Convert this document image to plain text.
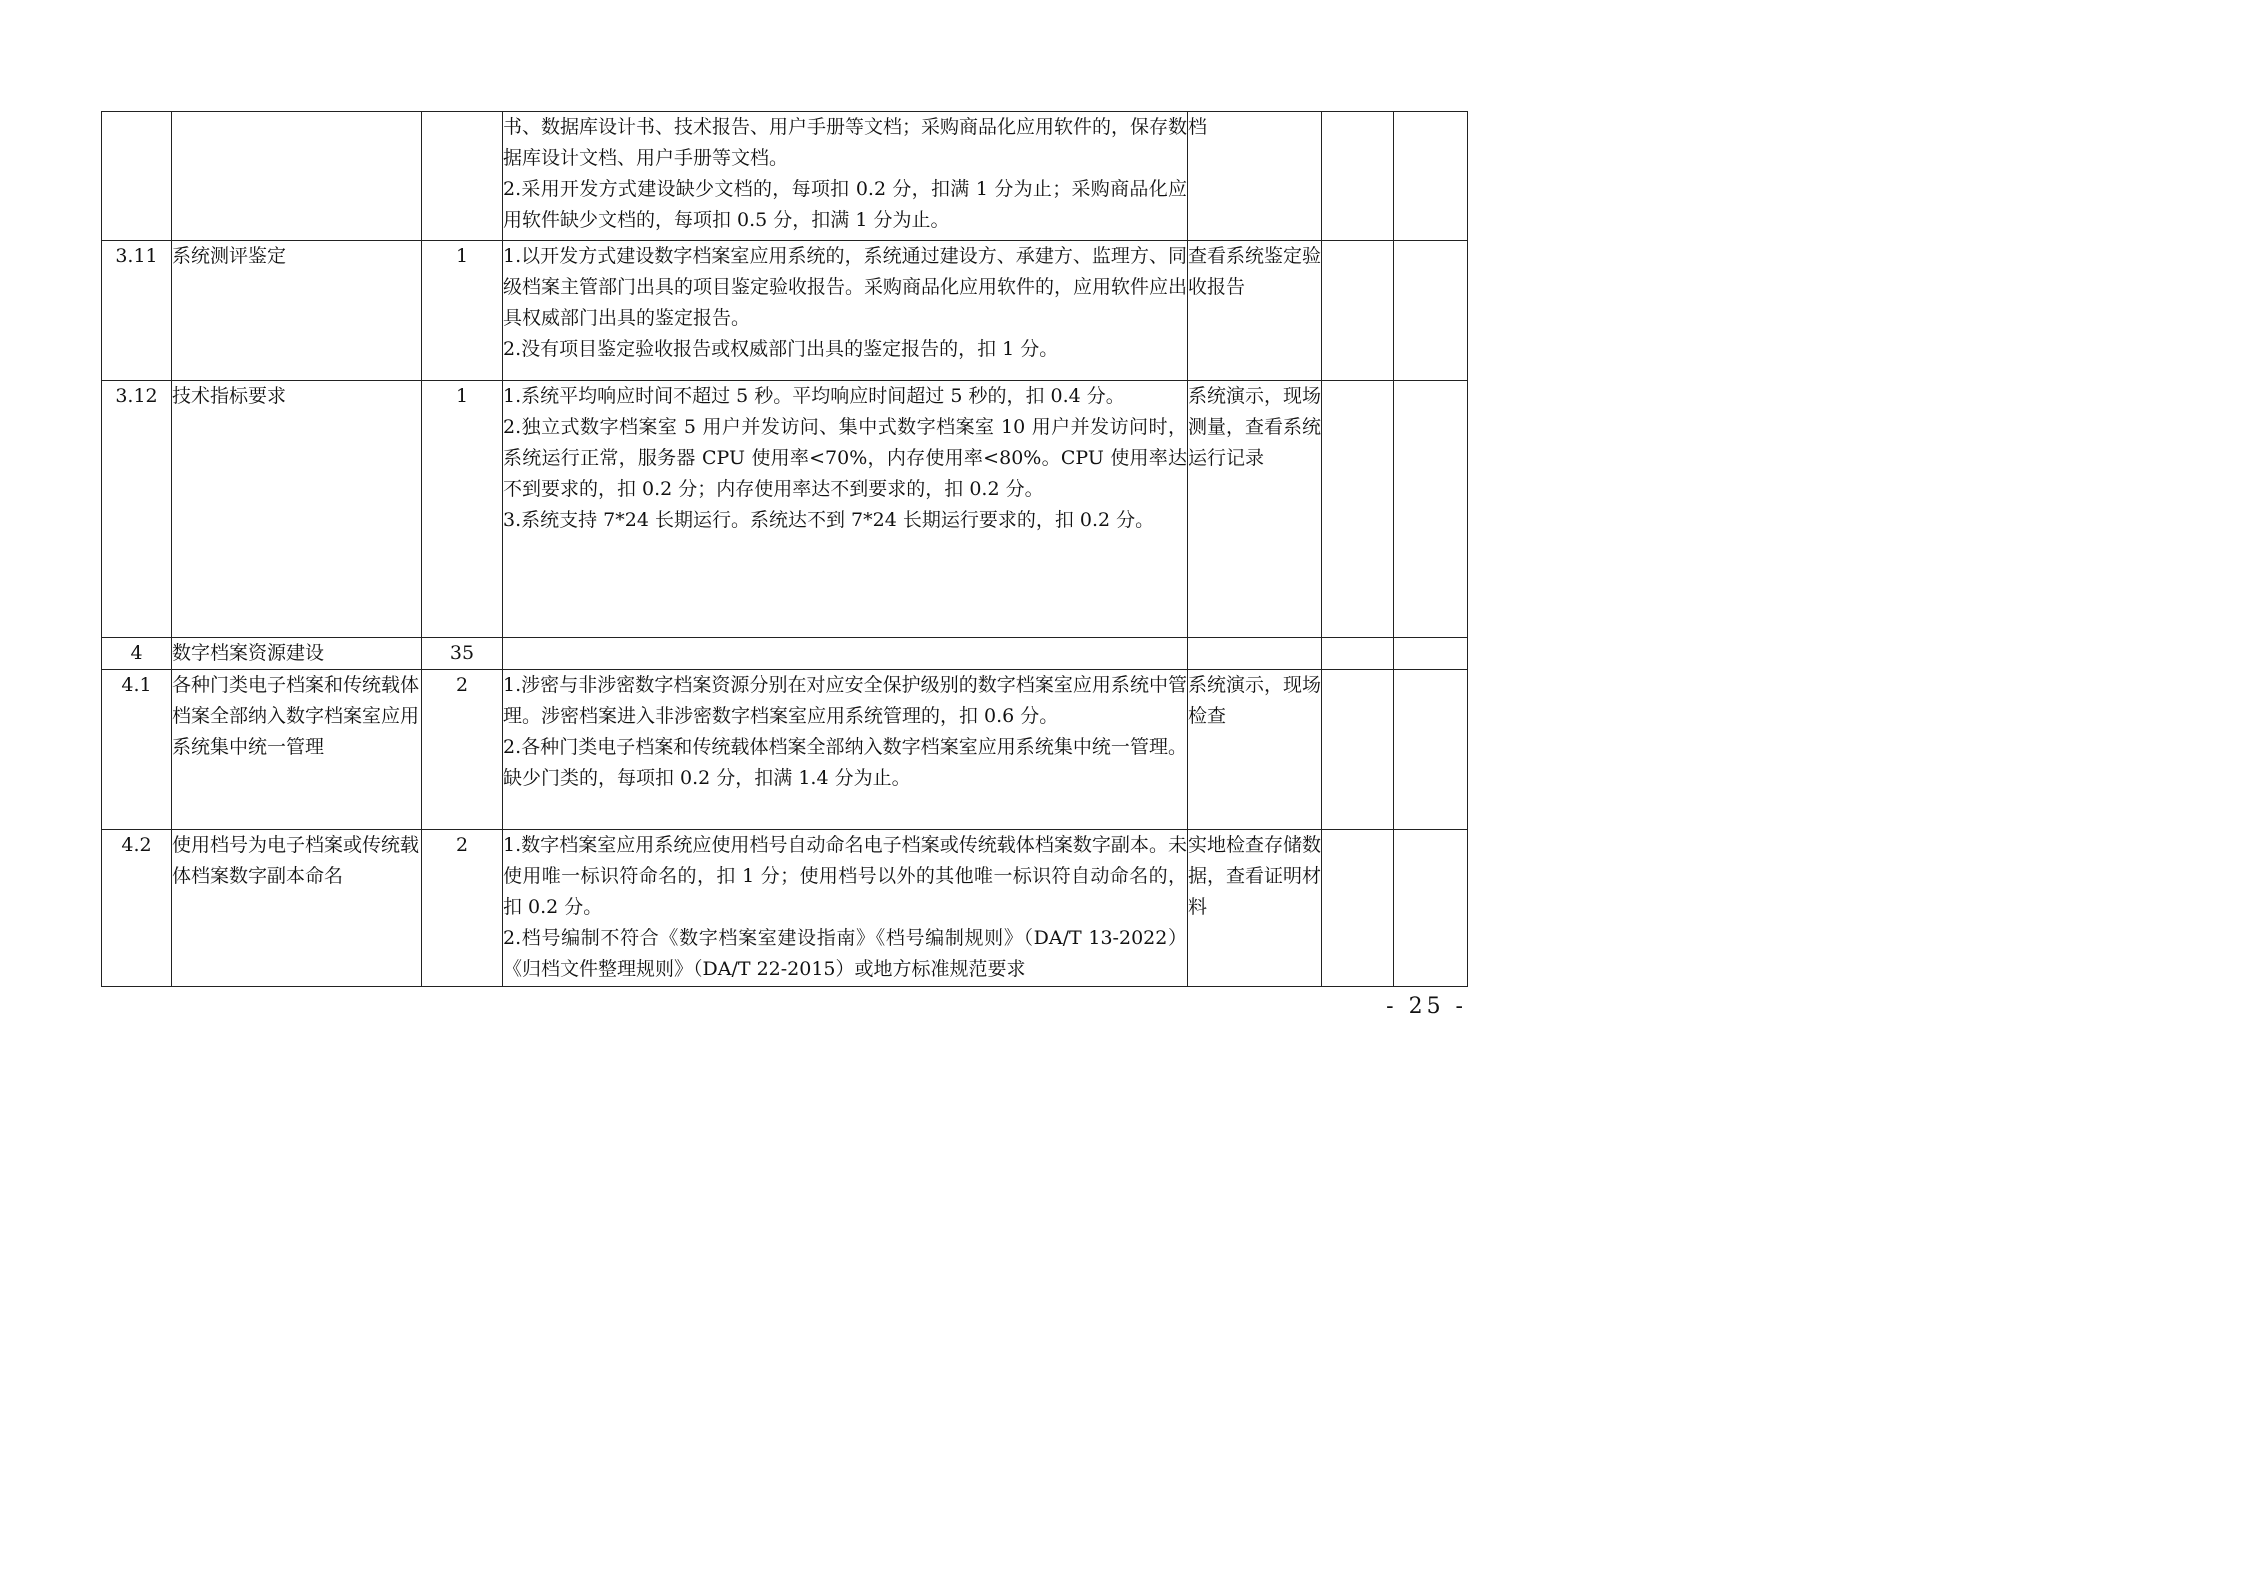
			书、数据库设计书、技术报告、用户手册等文档；采购商品化应用软件的，保存数据库设计文档、用户手册等文档。
2.采用开发方式建设缺少文档的，每项扣 0.2 分，扣满 1 分为止；采购商品化应用软件缺少文档的，每项扣 0.5 分，扣满 1 分为止。	档		
3.11	系统测评鉴定	1	1.以开发方式建设数字档案室应用系统的，系统通过建设方、承建方、监理方、同级档案主管部门出具的项目鉴定验收报告。采购商品化应用软件的，应用软件应出具权威部门出具的鉴定报告。
2.没有项目鉴定验收报告或权威部门出具的鉴定报告的，扣 1 分。	查看系统鉴定验收报告		
3.12	技术指标要求	1	1.系统平均响应时间不超过 5 秒。平均响应时间超过 5 秒的，扣 0.4 分。
2.独立式数字档案室 5 用户并发访问、集中式数字档案室 10 用户并发访问时，系统运行正常，服务器 CPU 使用率<70%，内存使用率<80%。CPU 使用率达不到要求的，扣 0.2 分；内存使用率达不到要求的，扣 0.2 分。
3.系统支持 7*24 长期运行。系统达不到 7*24 长期运行要求的，扣 0.2 分。	系统演示，现场测量，查看系统运行记录		
4	数字档案资源建设	35				
4.1	各种门类电子档案和传统载体档案全部纳入数字档案室应用系统集中统一管理	2	1.涉密与非涉密数字档案资源分别在对应安全保护级别的数字档案室应用系统中管理。涉密档案进入非涉密数字档案室应用系统管理的，扣 0.6 分。
2.各种门类电子档案和传统载体档案全部纳入数字档案室应用系统集中统一管理。缺少门类的，每项扣 0.2 分，扣满 1.4 分为止。	系统演示，现场检查		
4.2	使用档号为电子档案或传统载体档案数字副本命名	2	1.数字档案室应用系统应使用档号自动命名电子档案或传统载体档案数字副本。未使用唯一标识符命名的，扣 1 分；使用档号以外的其他唯一标识符自动命名的，扣 0.2 分。
2.档号编制不符合《数字档案室建设指南》《档号编制规则》（DA/T 13-2022）《归档文件整理规则》（DA/T 22-2015）或地方标准规范要求	实地检查存储数据，查看证明材料		
- 25 -
